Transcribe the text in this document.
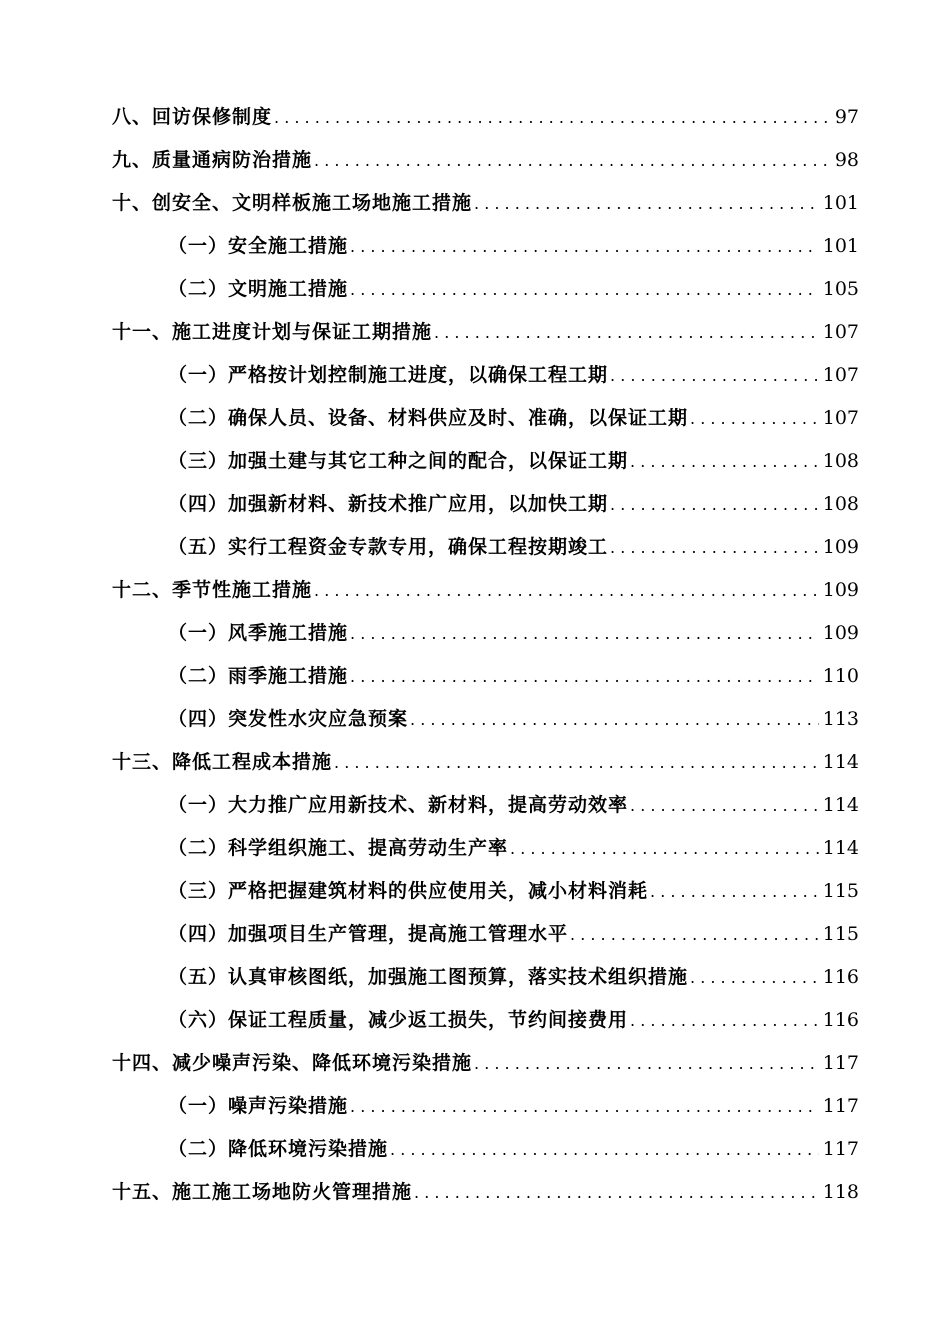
八、回访保修制度 . . .	97
九、质量通病防治措施 . . .	98
十、创安全、文明样板施工场地施工措施 . . .	101
（一）安全施工措施 . . .	101
（二）文明施工措施 . . .	105
十一、施工进度计划与保证工期措施 . . .	107
（一）严格按计划控制施工进度，以确保工程工期 . . .	107
（二）确保人员、设备、材料供应及时、准确，以保证工期 . . .	107
（三）加强土建与其它工种之间的配合，以保证工期 . . .	108
（四）加强新材料、新技术推广应用，以加快工期 . . .	108
（五）实行工程资金专款专用，确保工程按期竣工 . . .	109
十二、季节性施工措施 . . .	109
（一）风季施工措施 . . .	109
（二）雨季施工措施 . . .	110
（四）突发性水灾应急预案 . . .	113
十三、降低工程成本措施 . . .	114
（一）大力推广应用新技术、新材料，提高劳动效率 . . .	114
（二）科学组织施工、提高劳动生产率 . . .	114
（三）严格把握建筑材料的供应使用关，减小材料消耗 . . .	115
（四）加强项目生产管理，提高施工管理水平 . . .	115
（五）认真审核图纸，加强施工图预算，落实技术组织措施 . . .	116
（六）保证工程质量，减少返工损失，节约间接费用 . . .	116
十四、减少噪声污染、降低环境污染措施 . . .	117
（一）噪声污染措施 . . .	117
（二）降低环境污染措施 . . .	117
十五、施工施工场地防火管理措施 . . .	118
